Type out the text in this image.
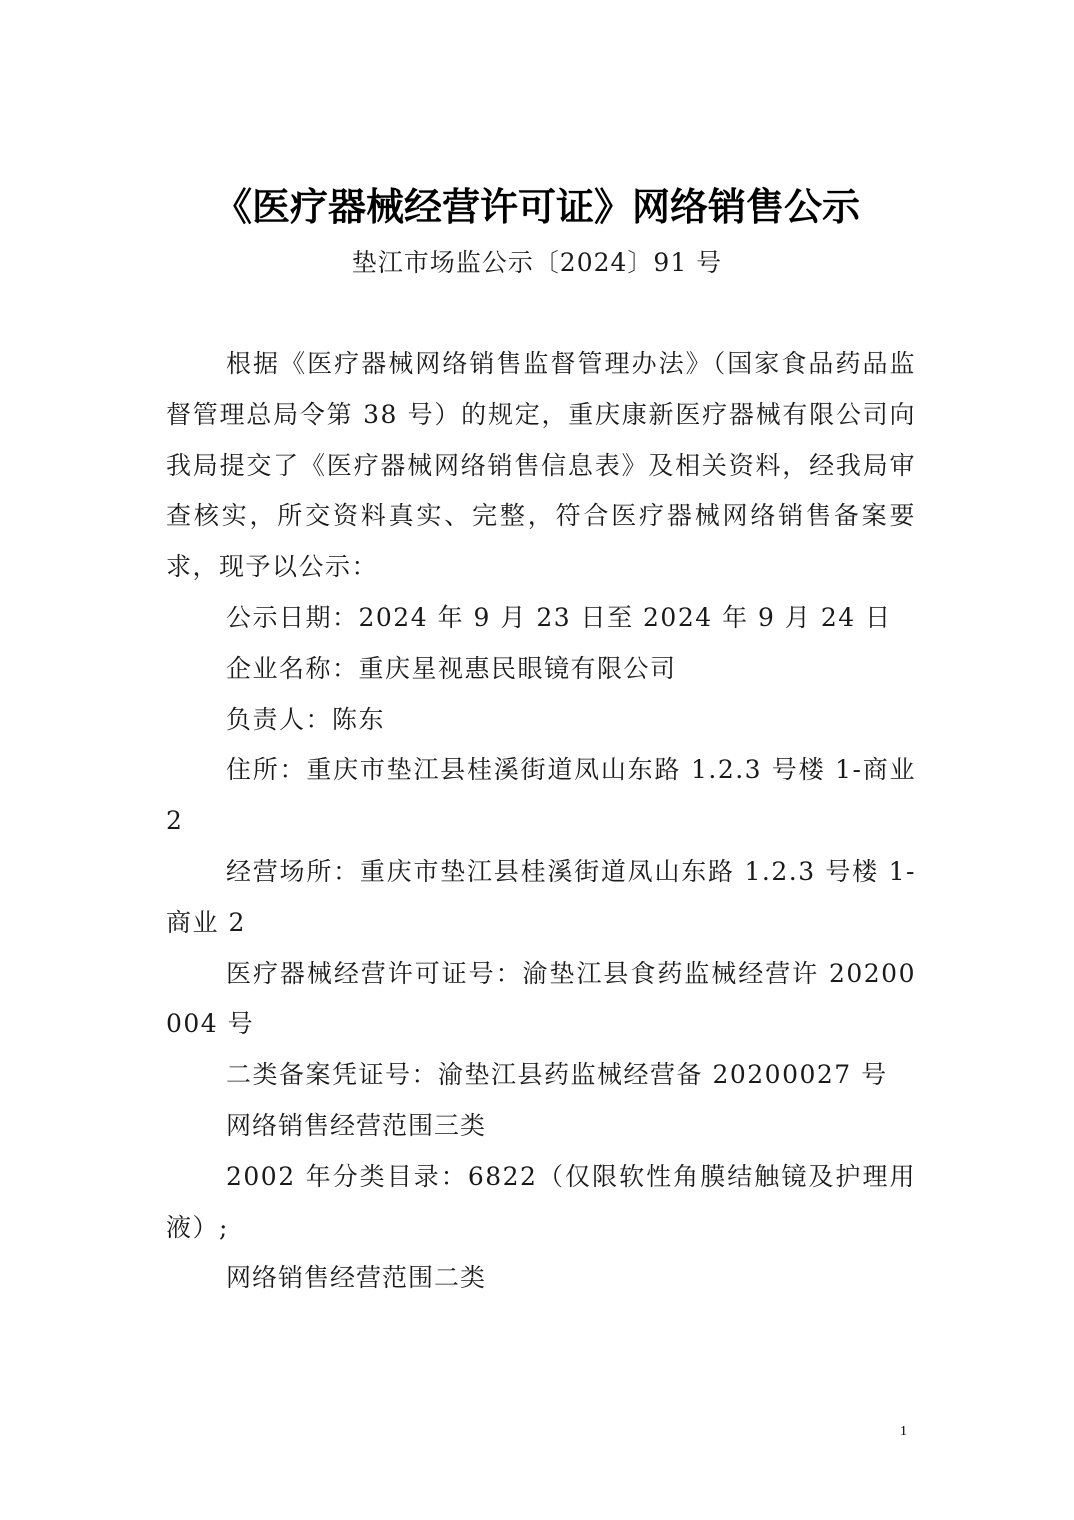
《医疗器械经营许可证》网络销售公示
垫江市场监公示〔2024〕91 号

根据《医疗器械网络销售监督管理办法》（国家食品药品监督管理总局令第 38 号）的规定，重庆康新医疗器械有限公司向我局提交了《医疗器械网络销售信息表》及相关资料，经我局审查核实，所交资料真实、完整，符合医疗器械网络销售备案要求，现予以公示：

公示日期：2024 年 9 月 23 日至 2024 年 9 月 24 日

企业名称：重庆星视惠民眼镜有限公司

负责人：陈东

住所：重庆市垫江县桂溪街道凤山东路 1.2.3 号楼 1-商业 2

经营场所：重庆市垫江县桂溪街道凤山东路 1.2.3 号楼 1-商业 2

医疗器械经营许可证号：渝垫江县食药监械经营许 20200004 号

二类备案凭证号：渝垫江县药监械经营备 20200027 号

网络销售经营范围三类

2002 年分类目录：6822（仅限软性角膜结触镜及护理用液）;

网络销售经营范围二类

1
